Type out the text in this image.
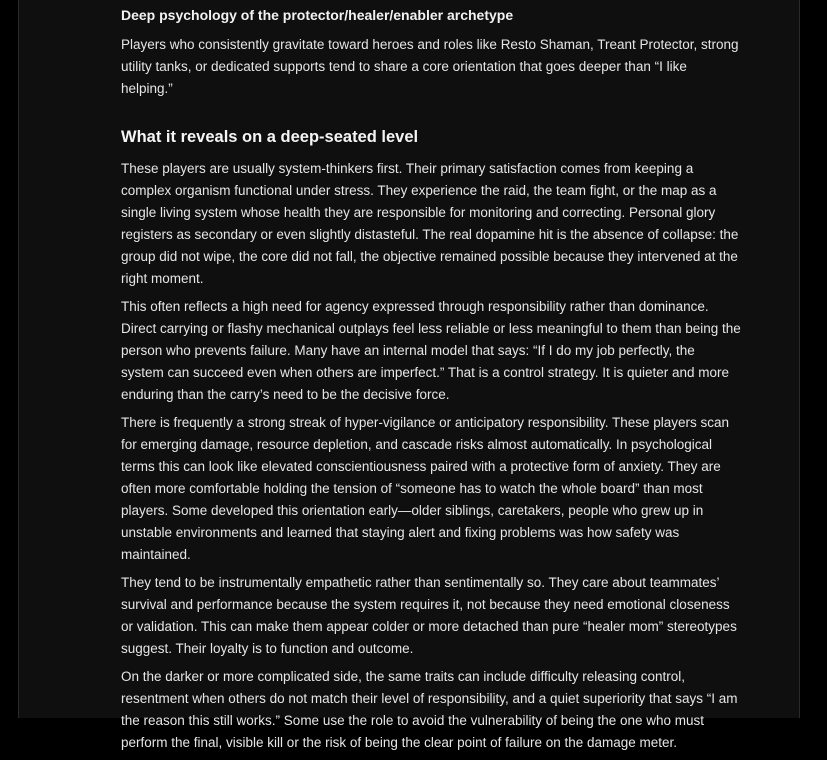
Deep psychology of the protector/healer/enabler archetype

Players who consistently gravitate toward heroes and roles like Resto Shaman, Treant Protector, strong utility tanks, or dedicated supports tend to share a core orientation that goes deeper than “I like helping.”

What it reveals on a deep-seated level

These players are usually system-thinkers first. Their primary satisfaction comes from keeping a complex organism functional under stress. They experience the raid, the team fight, or the map as a single living system whose health they are responsible for monitoring and correcting. Personal glory registers as secondary or even slightly distasteful. The real dopamine hit is the absence of collapse: the group did not wipe, the core did not fall, the objective remained possible because they intervened at the right moment.

This often reflects a high need for agency expressed through responsibility rather than dominance. Direct carrying or flashy mechanical outplays feel less reliable or less meaningful to them than being the person who prevents failure. Many have an internal model that says: “If I do my job perfectly, the system can succeed even when others are imperfect.” That is a control strategy. It is quieter and more enduring than the carry’s need to be the decisive force.

There is frequently a strong streak of hyper-vigilance or anticipatory responsibility. These players scan for emerging damage, resource depletion, and cascade risks almost automatically. In psychological terms this can look like elevated conscientiousness paired with a protective form of anxiety. They are often more comfortable holding the tension of “someone has to watch the whole board” than most players. Some developed this orientation early—older siblings, caretakers, people who grew up in unstable environments and learned that staying alert and fixing problems was how safety was maintained.

They tend to be instrumentally empathetic rather than sentimentally so. They care about teammates’ survival and performance because the system requires it, not because they need emotional closeness or validation. This can make them appear colder or more detached than pure “healer mom” stereotypes suggest. Their loyalty is to function and outcome.

On the darker or more complicated side, the same traits can include difficulty releasing control, resentment when others do not match their level of responsibility, and a quiet superiority that says “I am the reason this still works.” Some use the role to avoid the vulnerability of being the one who must perform the final, visible kill or the risk of being the clear point of failure on the damage meter.
